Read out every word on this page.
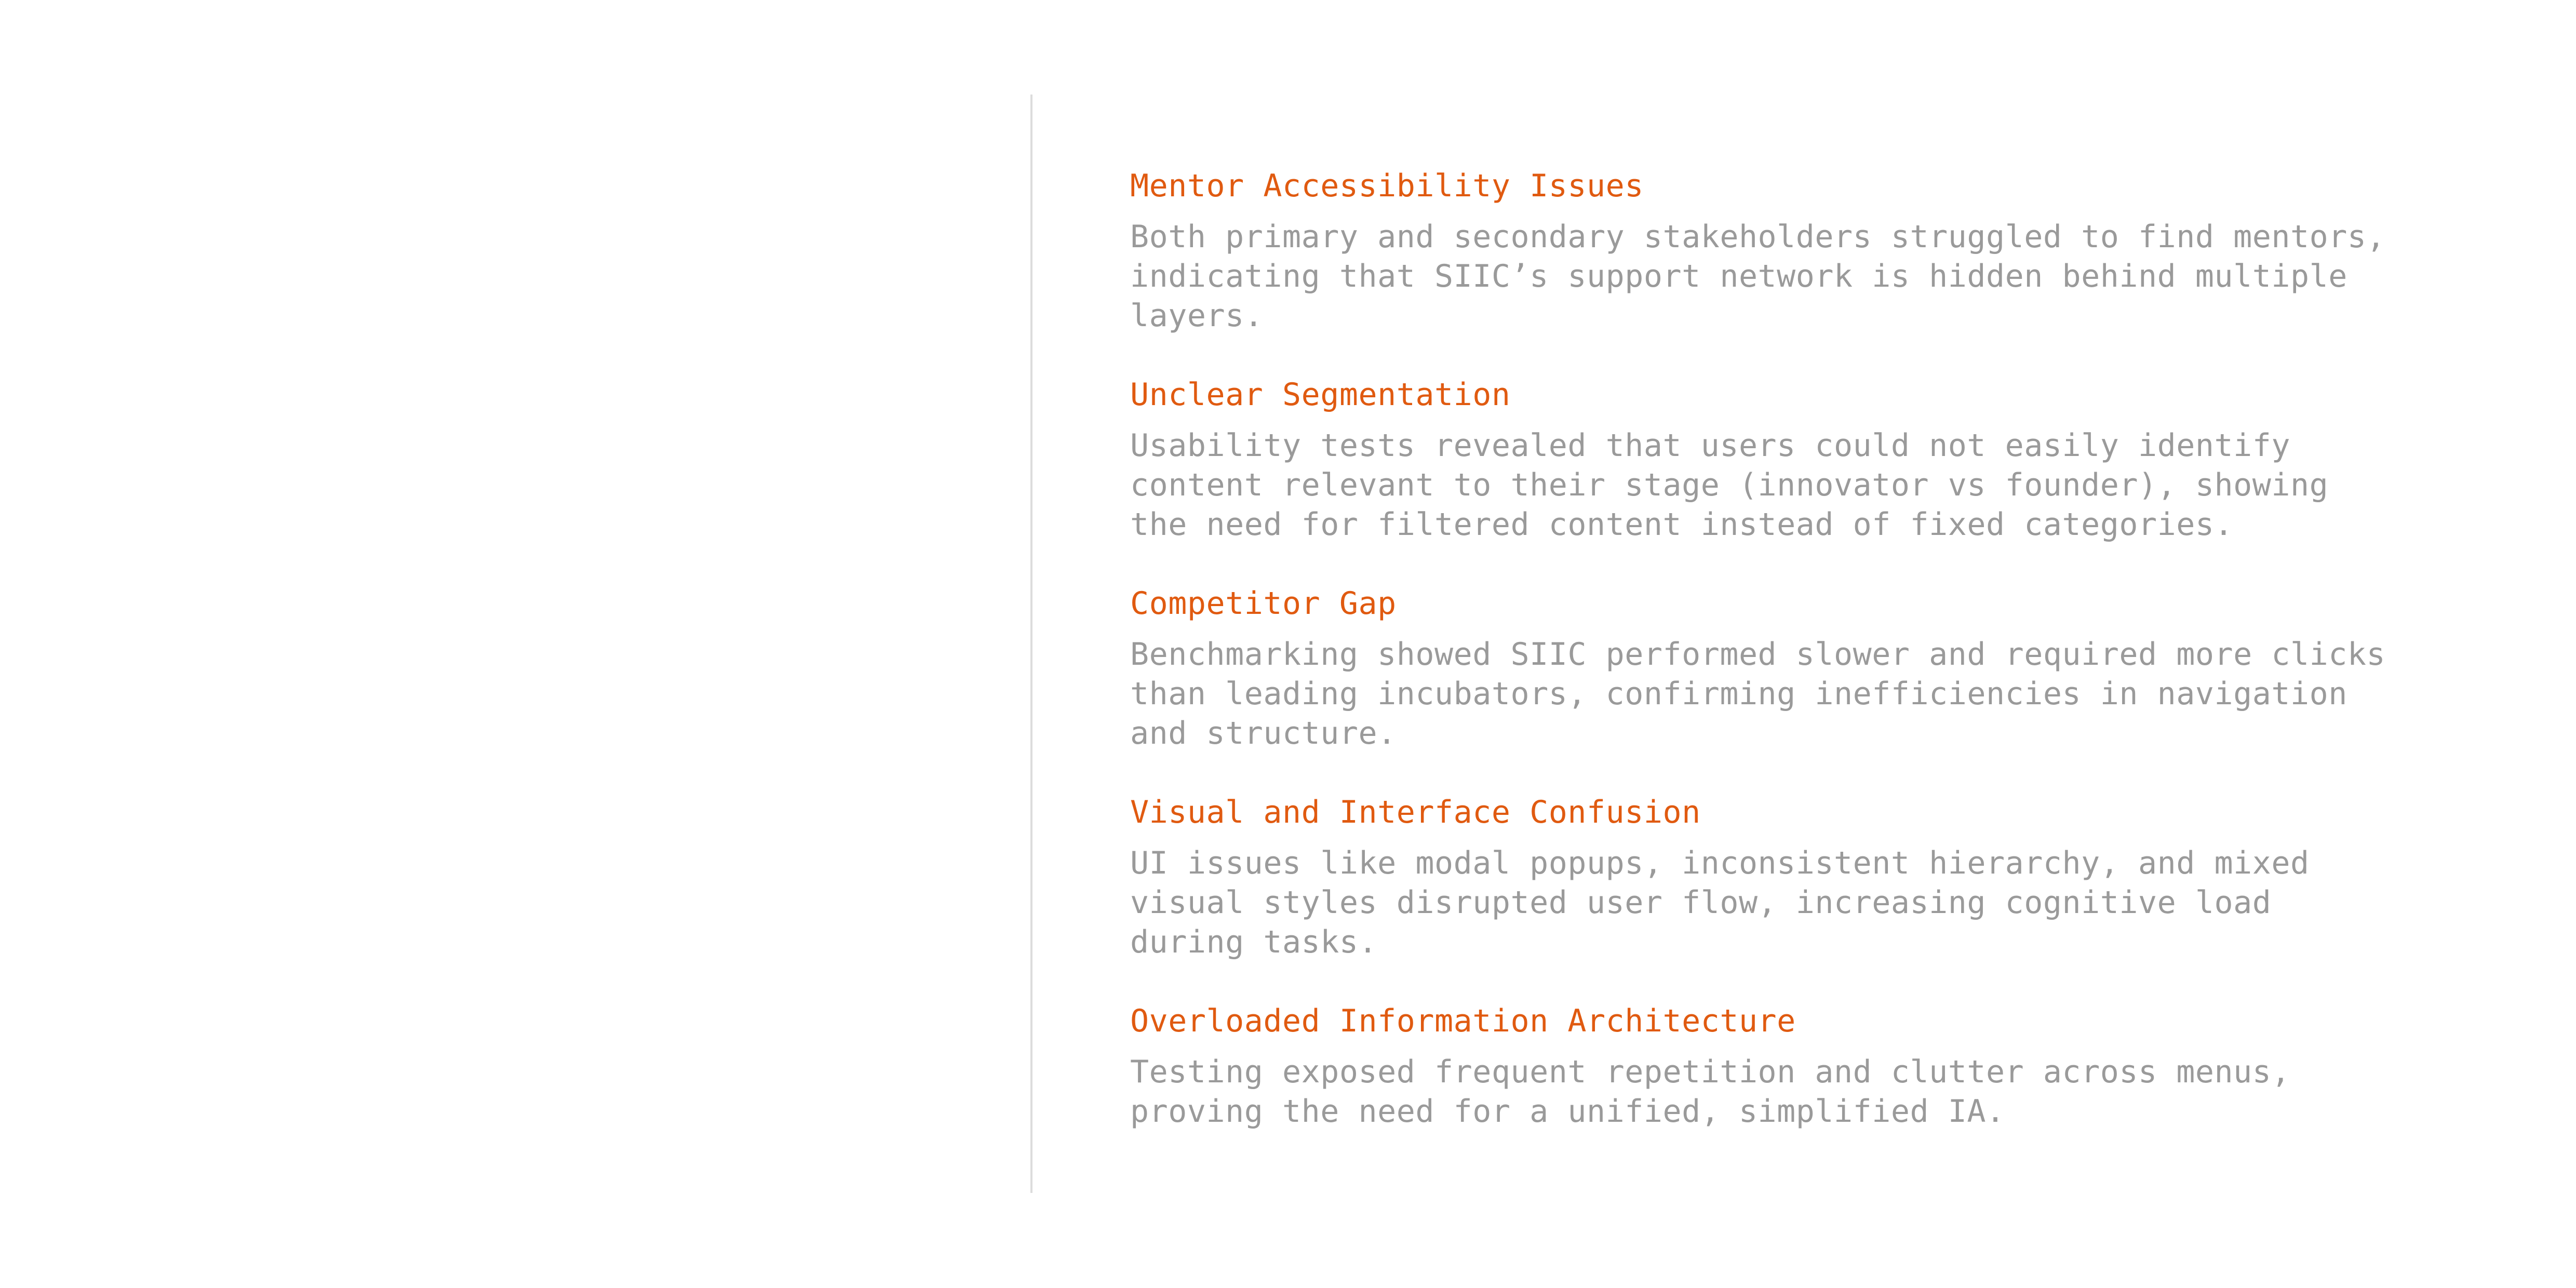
Mentor Accessibility Issues

Both primary and secondary stakeholders struggled to find mentors, indicating that SIIC’s support network is hidden behind multiple layers.

Unclear Segmentation

Usability tests revealed that users could not easily identify content relevant to their stage (innovator vs founder), showing the need for filtered content instead of fixed categories.

Competitor Gap

Benchmarking showed SIIC performed slower and required more clicks than leading incubators, confirming inefficiencies in navigation and structure.

Visual and Interface Confusion

UI issues like modal popups, inconsistent hierarchy, and mixed visual styles disrupted user flow, increasing cognitive load during tasks.

Overloaded Information Architecture

Testing exposed frequent repetition and clutter across menus, proving the need for a unified, simplified IA.
